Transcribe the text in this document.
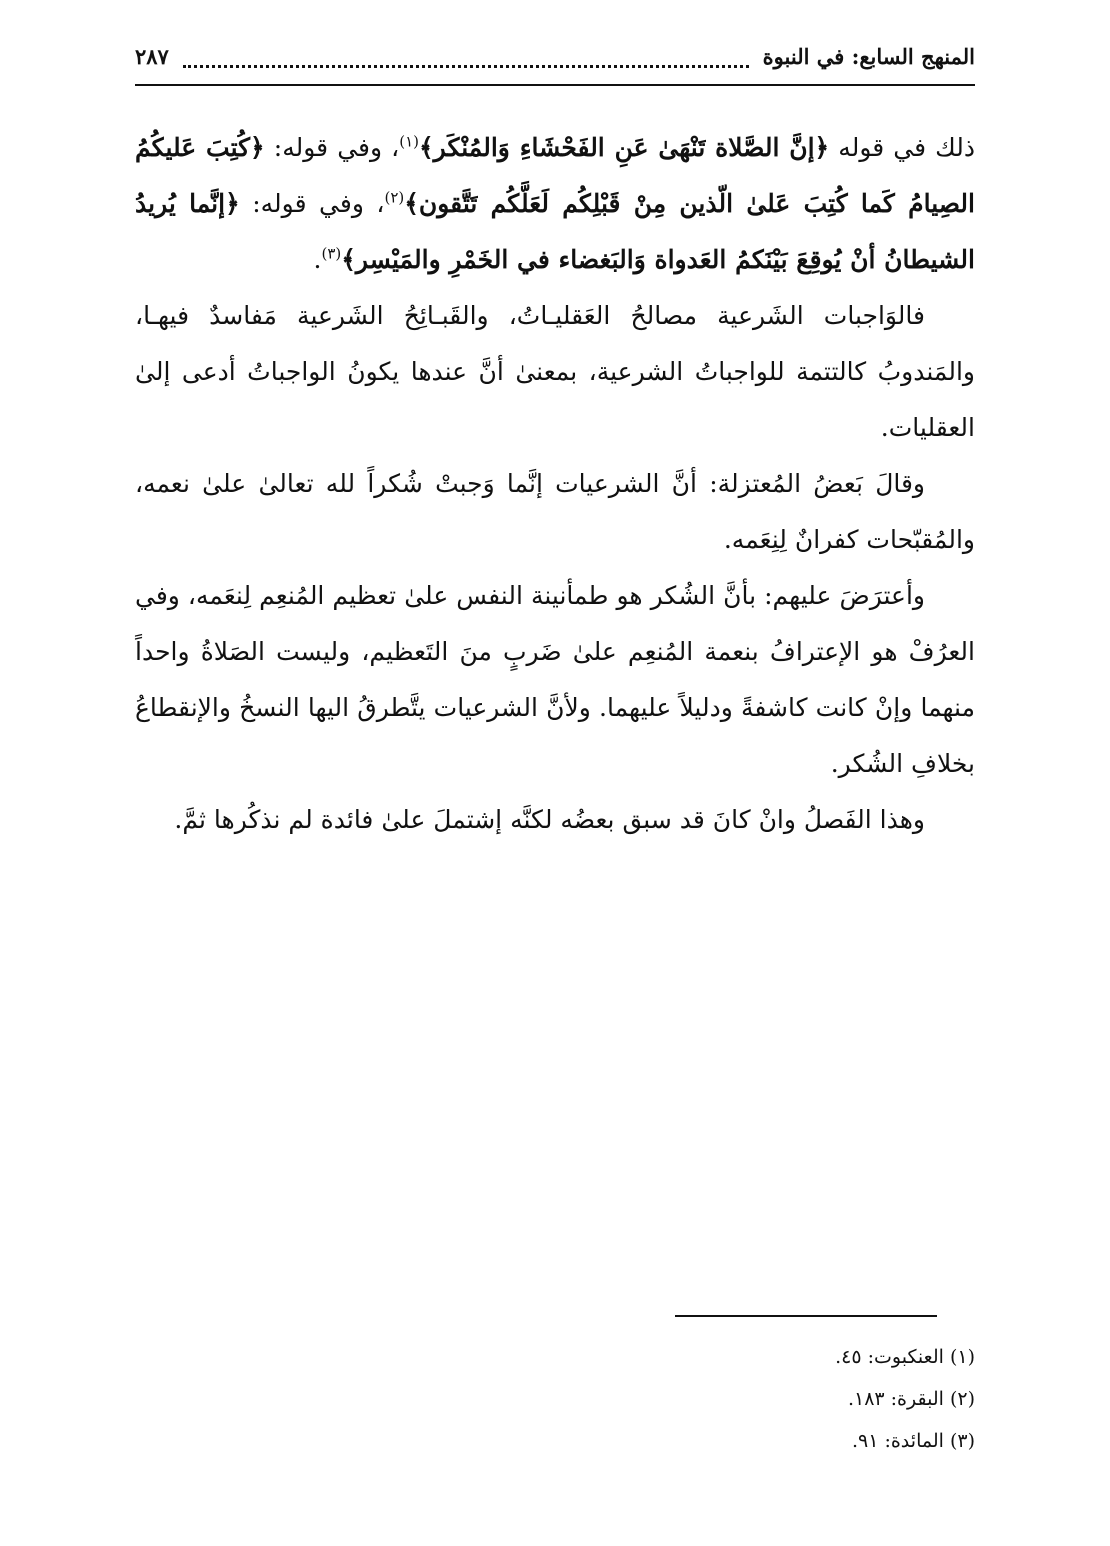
المنهج السابع: في النبوة
٢٨٧

ذلك في قوله ﴿إنَّ الصَّلاة تَنْهَىٰ عَنِ الفَحْشَاءِ وَالمُنْكَر﴾$^{(١)}$، وفي قوله: ﴿كُتِبَ عَليكُمُ الصِيامُ كَما كُتِبَ عَلىٰ الّذين مِنْ قَبْلِكُم لَعَلَّكُم تَتَّقون﴾$^{(٢)}$، وفي قوله: ﴿إنَّما يُريدُ الشيطانُ أنْ يُوقِعَ بَيْنَكمُ العَدواة وَالبَغضاء في الخَمْرِ والمَيْسِر﴾$^{(٣)}$.

فالوَاجبات الشَرعية مصالحُ العَقليـاتُ، والقَبـائِحُ الشَرعية مَفاسدٌ فيهـا، والمَندوبُ كالتتمة للواجباتُ الشرعية، بمعنىٰ أنَّ عندها يكونُ الواجباتُ أدعى إلىٰ العقليات.

وقالَ بَعضُ المُعتزلة: أنَّ الشرعيات إنَّما وَجبتْ شُكراً لله تعالىٰ علىٰ نعمه، والمُقبّحات كفرانٌ لِنِعَمه.

وأعترَضَ عليهم: بأنَّ الشُكر هو طمأنينة النفس علىٰ تعظيم المُنعِم لِنعَمه، وفي العرُفْ هو الإعترافُ بنعمة المُنعِم علىٰ ضَربٍ منَ التَعظيم، وليست الصَلاةُ واحداً منهما وإنْ كانت كاشفةً ودليلاً عليهما. ولأنَّ الشرعيات يتَّطرقُ اليها النسخُ والإنقطاعُ بخلافِ الشُكر.

وهذا الفَصلُ وانْ كانَ قد سبق بعضُه لكنَّه إشتملَ علىٰ فائدة لم نذكُرها ثمَّ.

(١) العنكبوت: ٤٥.
(٢) البقرة: ١٨٣.
(٣) المائدة: ٩١.
